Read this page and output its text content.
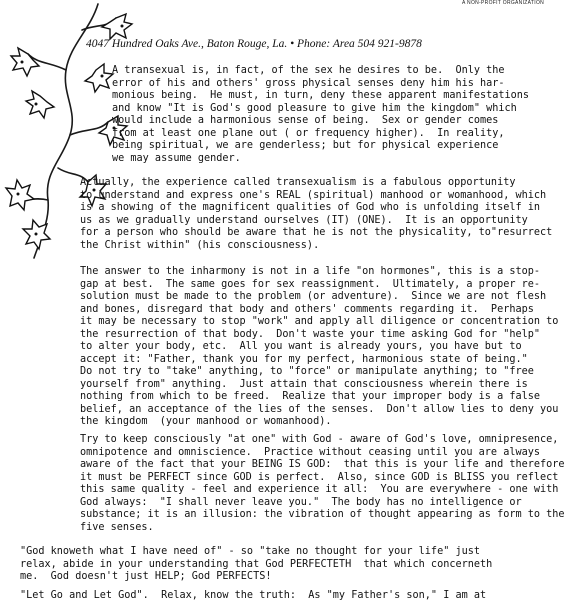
A NON-PROFIT ORGANIZATION
4047 Hundred Oaks Ave., Baton Rouge, La. • Phone: Area 504 921-9878

A transexual is, in fact, of the sex he desires to be.  Only the
error of his and others' gross physical senses deny him his har-
monious being.  He must, in turn, deny these apparent manifestations
and know "It is God's good pleasure to give him the kingdom" which
would include a harmonious sense of being.  Sex or gender comes
from at least one plane out ( or frequency higher).  In reality,
being spiritual, we are genderless; but for physical experience
we may assume gender.

Actually, the experience called transexualism is a fabulous opportunity
to understand and express one's REAL (spiritual) manhood or womanhood, which
is a showing of the magnificent qualities of God who is unfolding itself in
us as we gradually understand ourselves (IT) (ONE).  It is an opportunity
for a person who should be aware that he is not the physicality, to"resurrect
the Christ within" (his consciousness).

The answer to the inharmony is not in a life "on hormones", this is a stop-
gap at best.  The same goes for sex reassignment.  Ultimately, a proper re-
solution must be made to the problem (or adventure).  Since we are not flesh
and bones, disregard that body and others' comments regarding it.  Perhaps
it may be necessary to stop "work" and apply all diligence or concentration to
the resurrection of that body.  Don't waste your time asking God for "help"
to alter your body, etc.  All you want is already yours, you have but to
accept it: "Father, thank you for my perfect, harmonious state of being."
Do not try to "take" anything, to "force" or manipulate anything; to "free
yourself from" anything.  Just attain that consciousness wherein there is
nothing from which to be freed.  Realize that your improper body is a false
belief, an acceptance of the lies of the senses.  Don't allow lies to deny you
the kingdom  (your manhood or womanhood).

Try to keep consciously "at one" with God - aware of God's love, omnipresence,
omnipotence and omniscience.  Practice without ceasing until you are always
aware of the fact that your BEING IS GOD:  that this is your life and therefore
it must be PERFECT since GOD is perfect.  Also, since GOD is BLISS you reflect
this same quality - feel and experience it all:  You are everywhere - one with
God always:  "I shall never leave you."  The body has no intelligence or
substance; it is an illusion: the vibration of thought appearing as form to the
five senses.

"God knoweth what I have need of" - so "take no thought for your life" just
relax, abide in your understanding that God PERFECTETH  that which concerneth
me.  God doesn't just HELP; God PERFECTS!

"Let Go and Let God".  Relax, know the truth:  As "my Father's son," I am at
